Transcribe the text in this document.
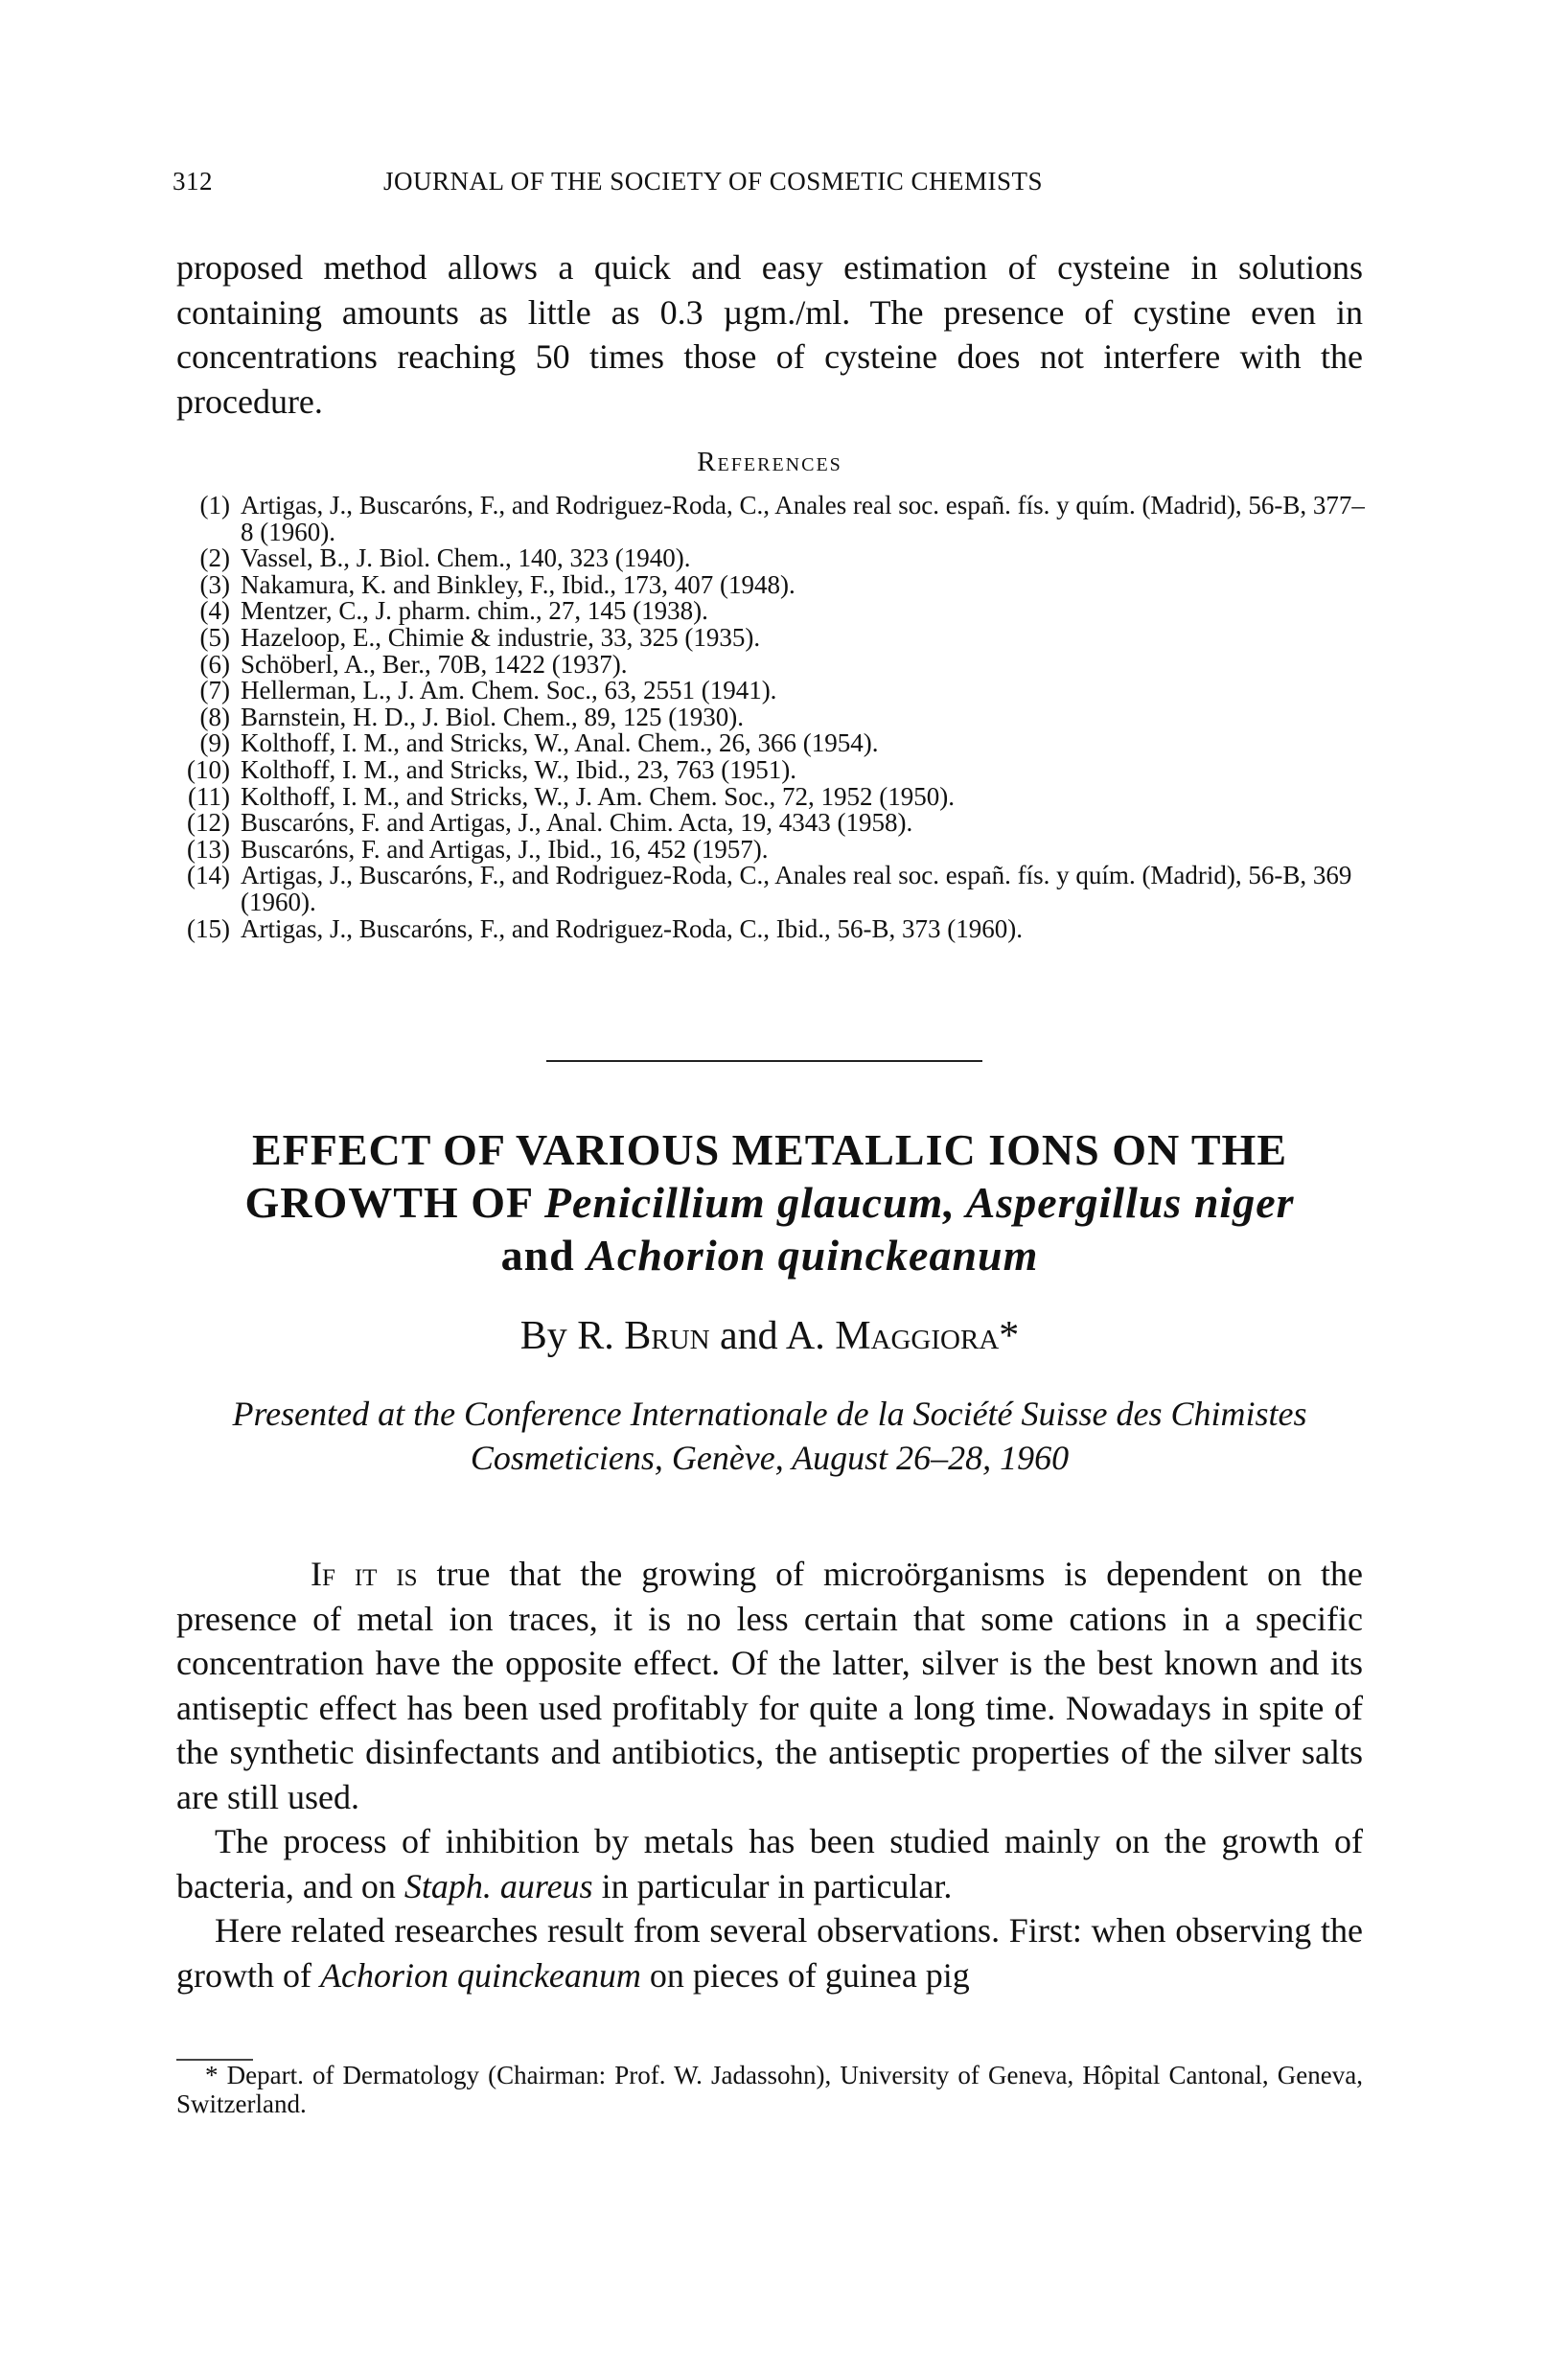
312	JOURNAL OF THE SOCIETY OF COSMETIC CHEMISTS

proposed method allows a quick and easy estimation of cysteine in solutions containing amounts as little as 0.3 µgm./ml. The presence of cystine even in concentrations reaching 50 times those of cysteine does not interfere with the procedure.

References
(1) Artigas, J., Buscaróns, F., and Rodriguez-Roda, C., Anales real soc. españ. fís. y quím. (Madrid), 56-B, 377–8 (1960).
(2) Vassel, B., J. Biol. Chem., 140, 323 (1940).
(3) Nakamura, K. and Binkley, F., Ibid., 173, 407 (1948).
(4) Mentzer, C., J. pharm. chim., 27, 145 (1938).
(5) Hazeloop, E., Chimie & industrie, 33, 325 (1935).
(6) Schöberl, A., Ber., 70B, 1422 (1937).
(7) Hellerman, L., J. Am. Chem. Soc., 63, 2551 (1941).
(8) Barnstein, H. D., J. Biol. Chem., 89, 125 (1930).
(9) Kolthoff, I. M., and Stricks, W., Anal. Chem., 26, 366 (1954).
(10) Kolthoff, I. M., and Stricks, W., Ibid., 23, 763 (1951).
(11) Kolthoff, I. M., and Stricks, W., J. Am. Chem. Soc., 72, 1952 (1950).
(12) Buscaróns, F. and Artigas, J., Anal. Chim. Acta, 19, 4343 (1958).
(13) Buscaróns, F. and Artigas, J., Ibid., 16, 452 (1957).
(14) Artigas, J., Buscaróns, F., and Rodriguez-Roda, C., Anales real soc. españ. fís. y quím. (Madrid), 56-B, 369 (1960).
(15) Artigas, J., Buscaróns, F., and Rodriguez-Roda, C., Ibid., 56-B, 373 (1960).
EFFECT OF VARIOUS METALLIC IONS ON THE
GROWTH OF Penicillium glaucum, Aspergillus niger
and Achorion quinckeanum
By R. Brun and A. Maggiora*

Presented at the Conference Internationale de la Société Suisse des Chimistes
Cosmeticiens, Genève, August 26–28, 1960

If it is true that the growing of microörganisms is dependent on the presence of metal ion traces, it is no less certain that some cations in a specific concentration have the opposite effect. Of the latter, silver is the best known and its antiseptic effect has been used profitably for quite a long time. Nowadays in spite of the synthetic disinfectants and antibiotics, the antiseptic properties of the silver salts are still used.

The process of inhibition by metals has been studied mainly on the growth of bacteria, and on Staph. aureus in particular in particular.

Here related researches result from several observations. First: when observing the growth of Achorion quinckeanum on pieces of guinea pig

* Depart. of Dermatology (Chairman: Prof. W. Jadassohn), University of Geneva, Hôpital Cantonal, Geneva, Switzerland.
